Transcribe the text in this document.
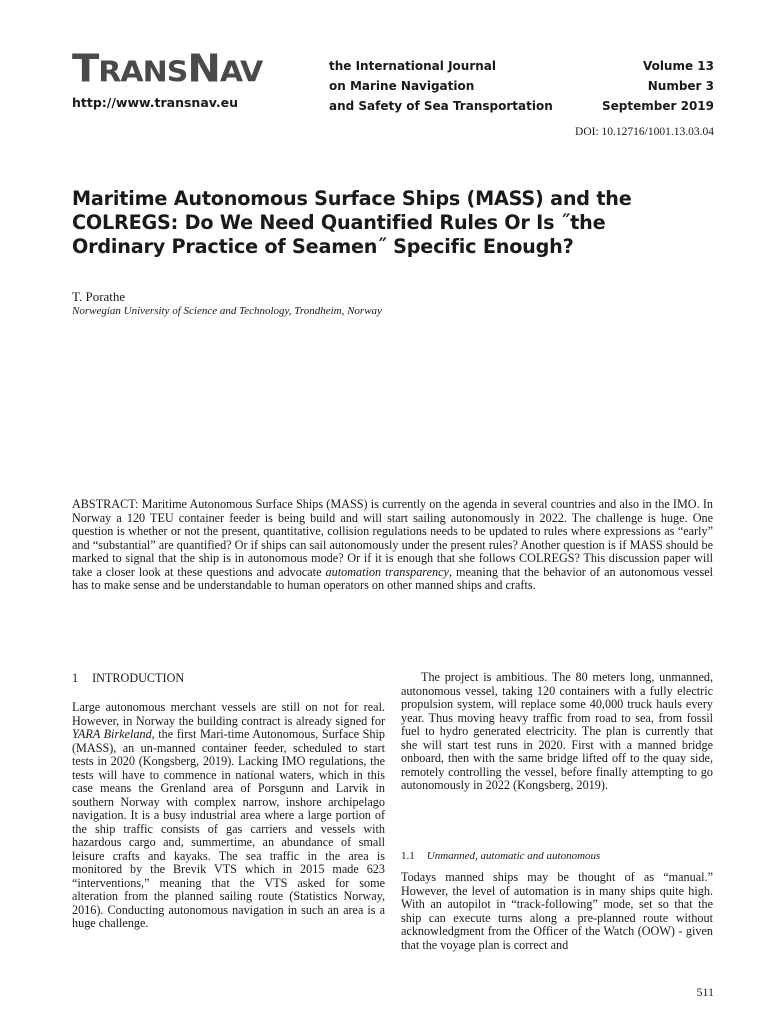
TRANSNAV
http://www.transnav.eu
the International Journal
on Marine Navigation
and Safety of Sea Transportation
Volume 13
Number 3
September 2019
DOI: 10.12716/1001.13.03.04
Maritime Autonomous Surface Ships (MASS) and the COLREGS: Do We Need Quantified Rules Or Is ˝the Ordinary Practice of Seamen˝ Specific Enough?
T. Porathe
Norwegian University of Science and Technology, Trondheim, Norway
ABSTRACT: Maritime Autonomous Surface Ships (MASS) is currently on the agenda in several countries and also in the IMO. In Norway a 120 TEU container feeder is being build and will start sailing autonomously in 2022. The challenge is huge. One question is whether or not the present, quantitative, collision regulations needs to be updated to rules where expressions as “early” and “substantial” are quantified? Or if ships can sail autonomously under the present rules? Another question is if MASS should be marked to signal that the ship is in autonomous mode? Or if it is enough that she follows COLREGS? This discussion paper will take a closer look at these questions and advocate automation transparency, meaning that the behavior of an autonomous vessel has to make sense and be understandable to human operators on other manned ships and crafts.
1 INTRODUCTION

Large autonomous merchant vessels are still on not for real. However, in Norway the building contract is already signed for YARA Birkeland, the first Mari-time Autonomous, Surface Ship (MASS), an un-manned container feeder, scheduled to start tests in 2020 (Kongsberg, 2019). Lacking IMO regulations, the tests will have to commence in national waters, which in this case means the Grenland area of Porsgunn and Larvik in southern Norway with complex narrow, inshore archipelago navigation. It is a busy industrial area where a large portion of the ship traffic consists of gas carriers and vessels with hazardous cargo and, summertime, an abundance of small leisure crafts and kayaks. The sea traffic in the area is monitored by the Brevik VTS which in 2015 made 623 “interventions,” meaning that the VTS asked for some alteration from the planned sailing route (Statistics Norway, 2016). Conducting autonomous navigation in such an area is a huge challenge.

The project is ambitious. The 80 meters long, unmanned, autonomous vessel, taking 120 containers with a fully electric propulsion system, will replace some 40,000 truck hauls every year. Thus moving heavy traffic from road to sea, from fossil fuel to hydro generated electricity. The plan is currently that she will start test runs in 2020. First with a manned bridge onboard, then with the same bridge lifted off to the quay side, remotely controlling the vessel, before finally attempting to go autonomously in 2022 (Kongsberg, 2019).

1.1 Unmanned, automatic and autonomous

Todays manned ships may be thought of as “manual.” However, the level of automation is in many ships quite high. With an autopilot in “track-following” mode, set so that the ship can execute turns along a pre-planned route without acknowledgment from the Officer of the Watch (OOW) - given that the voyage plan is correct and

511
